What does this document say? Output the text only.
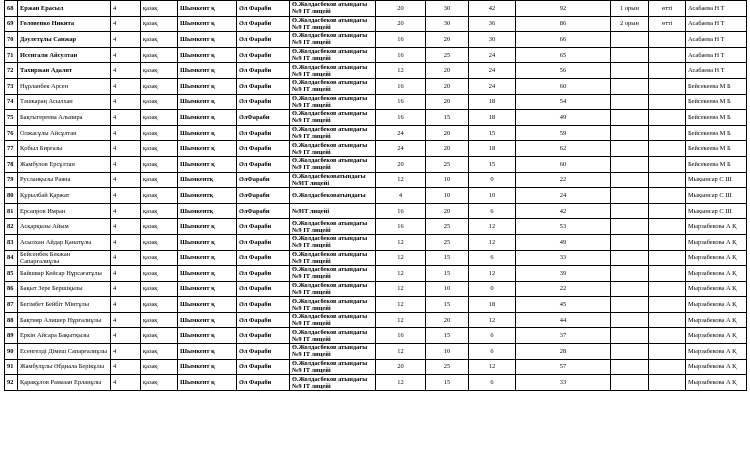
68	Ержан Ерасыл	4	қазақ	Шымкент қ	Әл Фараби	Ө.Жолдасбеков атындағы №9 IT лицейі	20	30	42	92	1 орын	өтті	Асабаева Н Т
69	Головенко Никита	4	қазақ	Шымкент қ	Әл Фараби	Ө.Жолдасбеков атындағы №9 IT лицейі	20	30	36	86	2 орын	өтті	Асабаева Н Т
70	Дәулетұлы Санжар	4	қазақ	Шымкент қ	Әл Фараби	Ө.Жолдасбеков атындағы №9 IT лицейі	16	20	30	66			Асабаева Н Т
71	Исенгали Айсултан	4	қазақ	Шымкент қ	Әл Фараби	Ө.Жолдасбеков атындағы №9 IT лицейі	16	25	24	65			Асабаева Н Т
72	Тахиржан Адалят	4	қазақ	Шымкент қ	Әл Фараби	Ө.Жолдасбеков атындағы №9 IT лицейі	12	20	24	56			Асабаева Н Т
73	Нұрланбек Арсен	4	қазақ	Шымкент қ	Әл Фараби	Ө.Жолдасбеков атындағы №9 IT лицейі	16	20	24	60			Бейсекеева М Б
74	Тәшкараң Асылхан	4	қазақ	Шымкент қ	Әл Фараби	Ө.Жолдасбеков атындағы №9 IT лицейі	16	20	18	54			Бейсекеева М Б
75	Бақтыгереева Альмира	4	қазақ	Шымкент қ	ӘлФараби	Ө.Жолдасбеков атындағы №9 IT лицейі	16	15	18	49			Бейсекеева М Б
76	Олжасұлы Айсұлтан	4	қазақ	Шымкент қ	Әл Фараби	Ө.Жолдасбеков атындағы №9 IT лицейі	24	20	15	59			Бейсекеева М Б
77	Қобыл Бирғазы	4	қазақ	Шымкент қ	Әл Фараби	Ө.Жолдасбеков атындағы №9 IT лицейі	24	20	18	62			Бейсекеева М Б
78	Жамбулов Ерсұлтан	4	қазақ	Шымкент қ	Әл Фараби	Ө.Жолдасбеков атындағы №9 IT лицейі	20	25	15	60			Бейсекеева М Б
79	Русланқызы Раяна	4	қазақ	Шымкентқ	ӘлФараби	Ө.Жолдасбековатындағы №9IT лицейі	12	10	0	22			Мықынсар С Ш
80	Құрылбай Қаржат	4	қазақ	Шымкентқ	ӘлФараби	Ө.Жолдасбековатындағы	4	10	10	24			Мықынсар С Ш
81	Ерсапров Имран	4	қазақ	Шымкентқ	ӘлФараби	№9IT лицейі	16	20	6	42			Мықынсар С Ш
82	Асқарқызы Айым	4	қазақ	Шымкент қ	Әл Фараби	Ө.Жолдасбеков атындағы №9 IT лицейі	16	25	12	53			Мырзабекова А Қ
83	Асылхан Айдар Қанатұлы	4	қазақ	Шымкент қ	Әл Фараби	Ө.Жолдасбеков атындағы №9 IT лицейі	12	25	12	49			Мырзабекова А Қ
84	Бейсенбек Бекжан Сапарғалиұлы	4	қазақ	Шымкент қ	Әл Фараби	Ө.Жолдасбеков атындағы №9 IT лицейі	12	15	6	33			Мырзабекова А Қ
85	Байшвар Кейсар Нұрсағатұлы	4	қазақ	Шымкент қ	Әл Фараби	Ө.Жолдасбеков атындағы №9 IT лицейі	12	15	12	39			Мырзабекова А Қ
86	Бақыт Зере Бершіқызы	4	қазақ	Шымкент қ	Әл Фараби	Ө.Жолдасбеков атындағы №9 IT лицейі	12	10	0	22			Мырзабекова А Қ
87	Бегімбет Бейбіт Мінтұлы	4	қазақ	Шымкент қ	Әл Фараби	Ө.Жолдасбеков атындағы №9 IT лицейі	12	15	18	45			Мырзабекова А Қ
88	Бақтияр Алишер Нұрғалиұлы	4	қазақ	Шымкент қ	Әл Фараби	Ө.Жолдасбеков атындағы №9 IT лицейі	12	20	12	44			Мырзабекова А Қ
89	Еркін Айсара Бақытқызы	4	қазақ	Шымкент қ	Әл Фараби	Ө.Жолдасбеков атындағы №9 IT лицейі	16	15	6	37			Мырзабекова А Қ
90	Есенгелді Дімеш Сапарғалиұлы	4	қазақ	Шымкент қ	Әл Фараби	Ө.Жолдасбеков атындағы №9 IT лицейі	12	10	6	28			Мырзабекова А Қ
91	Жамбулұлы Әбдиала Берікұлы	4	қазақ	Шымкент қ	Әл Фараби	Ө.Жолдасбеков атындағы №9 IT лицейі	20	25	12	57			Мырзабекова А Қ
92	Қарақұлов Рамазан Ерланұлы	4	қазақ	Шымкент қ	Әл Фараби	Ө.Жолдасбеков атындағы №9 IT лицейі	12	15	6	33			Мырзабекова А Қ
